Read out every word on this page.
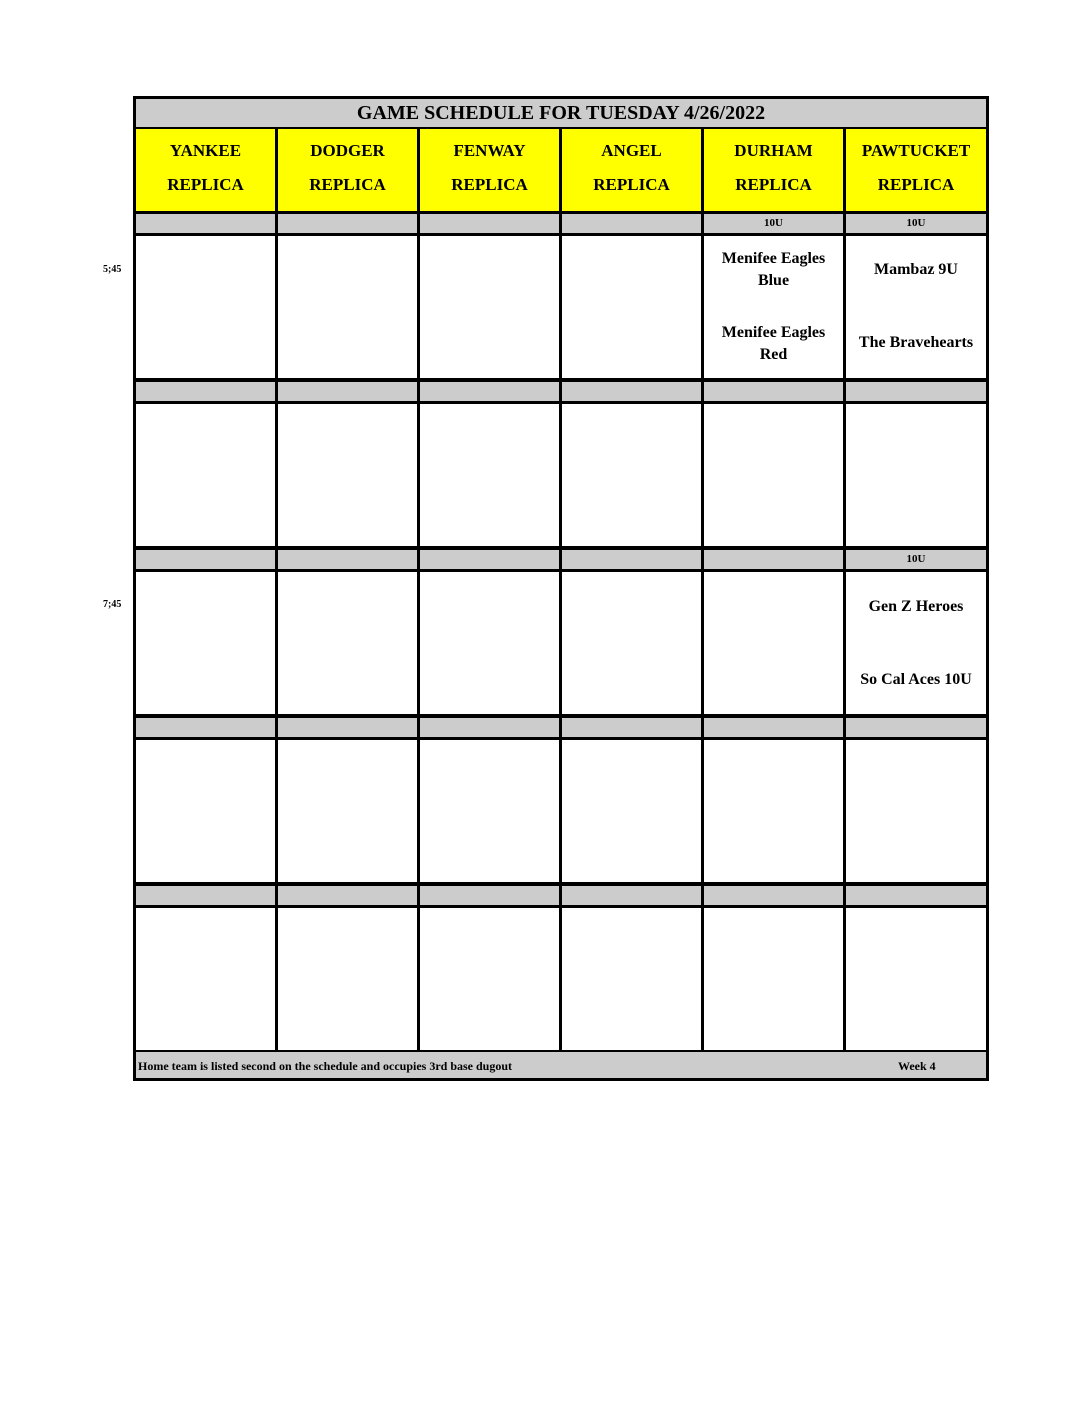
5;45
7;45
GAME SCHEDULE FOR TUESDAY 4/26/2022
YANKEE
REPLICA
DODGER
REPLICA
FENWAY
REPLICA
ANGEL
REPLICA
DURHAM
REPLICA
PAWTUCKET
REPLICA
10U	10U
Menifee Eagles
Blue
Menifee Eagles
Red
Mambaz 9U
The Bravehearts
10U
Gen Z Heroes
So Cal Aces 10U
Home team is listed second on the schedule and occupies 3rd base dugout	Week 4
